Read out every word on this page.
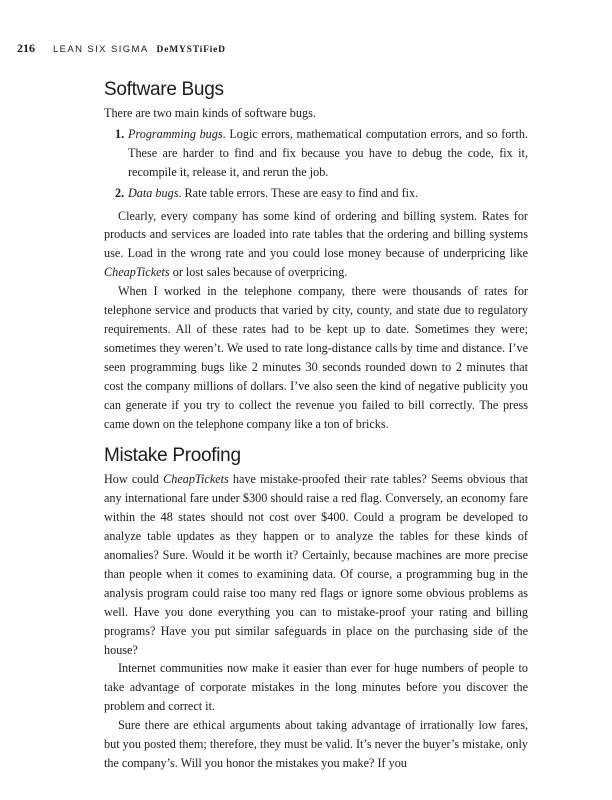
216 LEAN SIX SIGMA DeMYSTiFieD
Software Bugs

There are two main kinds of software bugs.

1. Programming bugs. Logic errors, mathematical computation errors, and so forth. These are harder to find and fix because you have to debug the code, fix it, recompile it, release it, and rerun the job.
2. Data bugs. Rate table errors. These are easy to find and fix.

Clearly, every company has some kind of ordering and billing system. Rates for products and services are loaded into rate tables that the ordering and billing systems use. Load in the wrong rate and you could lose money because of underpricing like CheapTickets or lost sales because of overpricing.

When I worked in the telephone company, there were thousands of rates for telephone service and products that varied by city, county, and state due to regulatory requirements. All of these rates had to be kept up to date. Sometimes they were; sometimes they weren’t. We used to rate long-distance calls by time and distance. I’ve seen programming bugs like 2 minutes 30 seconds rounded down to 2 minutes that cost the company millions of dollars. I’ve also seen the kind of negative publicity you can generate if you try to collect the revenue you failed to bill correctly. The press came down on the telephone company like a ton of bricks.

Mistake Proofing

How could CheapTickets have mistake-proofed their rate tables? Seems obvious that any international fare under $300 should raise a red flag. Conversely, an economy fare within the 48 states should not cost over $400. Could a program be developed to analyze table updates as they happen or to analyze the tables for these kinds of anomalies? Sure. Would it be worth it? Certainly, because machines are more precise than people when it comes to examining data. Of course, a programming bug in the analysis program could raise too many red flags or ignore some obvious problems as well. Have you done everything you can to mistake-proof your rating and billing programs? Have you put similar safeguards in place on the purchasing side of the house?

Internet communities now make it easier than ever for huge numbers of people to take advantage of corporate mistakes in the long minutes before you discover the problem and correct it.

Sure there are ethical arguments about taking advantage of irrationally low fares, but you posted them; therefore, they must be valid. It’s never the buyer’s mistake, only the company’s. Will you honor the mistakes you make? If you
